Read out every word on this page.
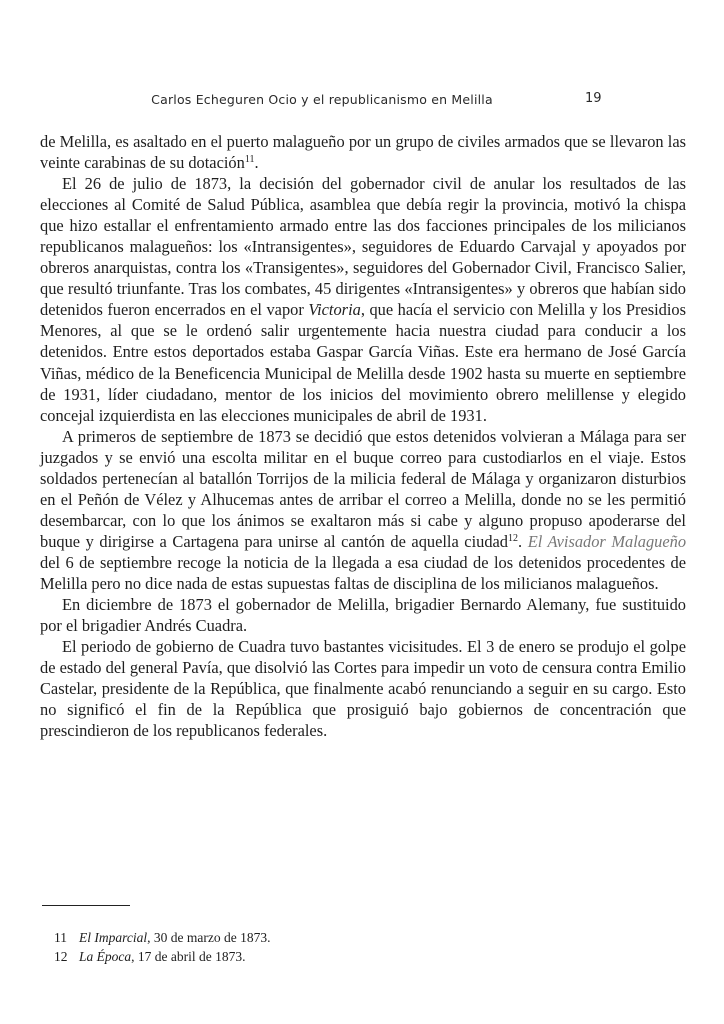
Carlos Echeguren Ocio y el republicanismo en Melilla	19

de Melilla, es asaltado en el puerto malagueño por un grupo de civiles armados que se llevaron las veinte carabinas de su dotación$^{11}$.

El 26 de julio de 1873, la decisión del gobernador civil de anular los resultados de las elecciones al Comité de Salud Pública, asamblea que debía regir la provincia, motivó la chispa que hizo estallar el enfrentamiento armado entre las dos facciones principales de los milicianos republicanos malagueños: los «Intransigentes», seguidores de Eduardo Carvajal y apoyados por obreros anarquistas, contra los «Transigentes», seguidores del Gobernador Civil, Francisco Salier, que resultó triunfante. Tras los combates, 45 dirigentes «Intransigentes» y obreros que habían sido detenidos fueron encerrados en el vapor Victoria, que hacía el servicio con Melilla y los Presidios Menores, al que se le ordenó salir urgentemente hacia nuestra ciudad para conducir a los detenidos. Entre estos deportados estaba Gaspar García Viñas. Este era hermano de José García Viñas, médico de la Beneficencia Municipal de Melilla desde 1902 hasta su muerte en septiembre de 1931, líder ciudadano, mentor de los inicios del movimiento obrero melillense y elegido concejal izquierdista en las elecciones municipales de abril de 1931.

A primeros de septiembre de 1873 se decidió que estos detenidos volvieran a Málaga para ser juzgados y se envió una escolta militar en el buque correo para custodiarlos en el viaje. Estos soldados pertenecían al batallón Torrijos de la milicia federal de Málaga y organizaron disturbios en el Peñón de Vélez y Alhucemas antes de arribar el correo a Melilla, donde no se les permitió desembarcar, con lo que los ánimos se exaltaron más si cabe y alguno propuso apoderarse del buque y dirigirse a Cartagena para unirse al cantón de aquella ciudad$^{12}$. El Avisador Malagueño del 6 de septiembre recoge la noticia de la llegada a esa ciudad de los detenidos procedentes de Melilla pero no dice nada de estas supuestas faltas de disciplina de los milicianos malagueños.

En diciembre de 1873 el gobernador de Melilla, brigadier Bernardo Alemany, fue sustituido por el brigadier Andrés Cuadra.

El periodo de gobierno de Cuadra tuvo bastantes vicisitudes. El 3 de enero se produjo el golpe de estado del general Pavía, que disolvió las Cortes para impedir un voto de censura contra Emilio Castelar, presidente de la República, que finalmente acabó renunciando a seguir en su cargo. Esto no significó el fin de la República que prosiguió bajo gobiernos de concentración que prescindieron de los republicanos federales.

11 El Imparcial, 30 de marzo de 1873.
12 La Época, 17 de abril de 1873.
